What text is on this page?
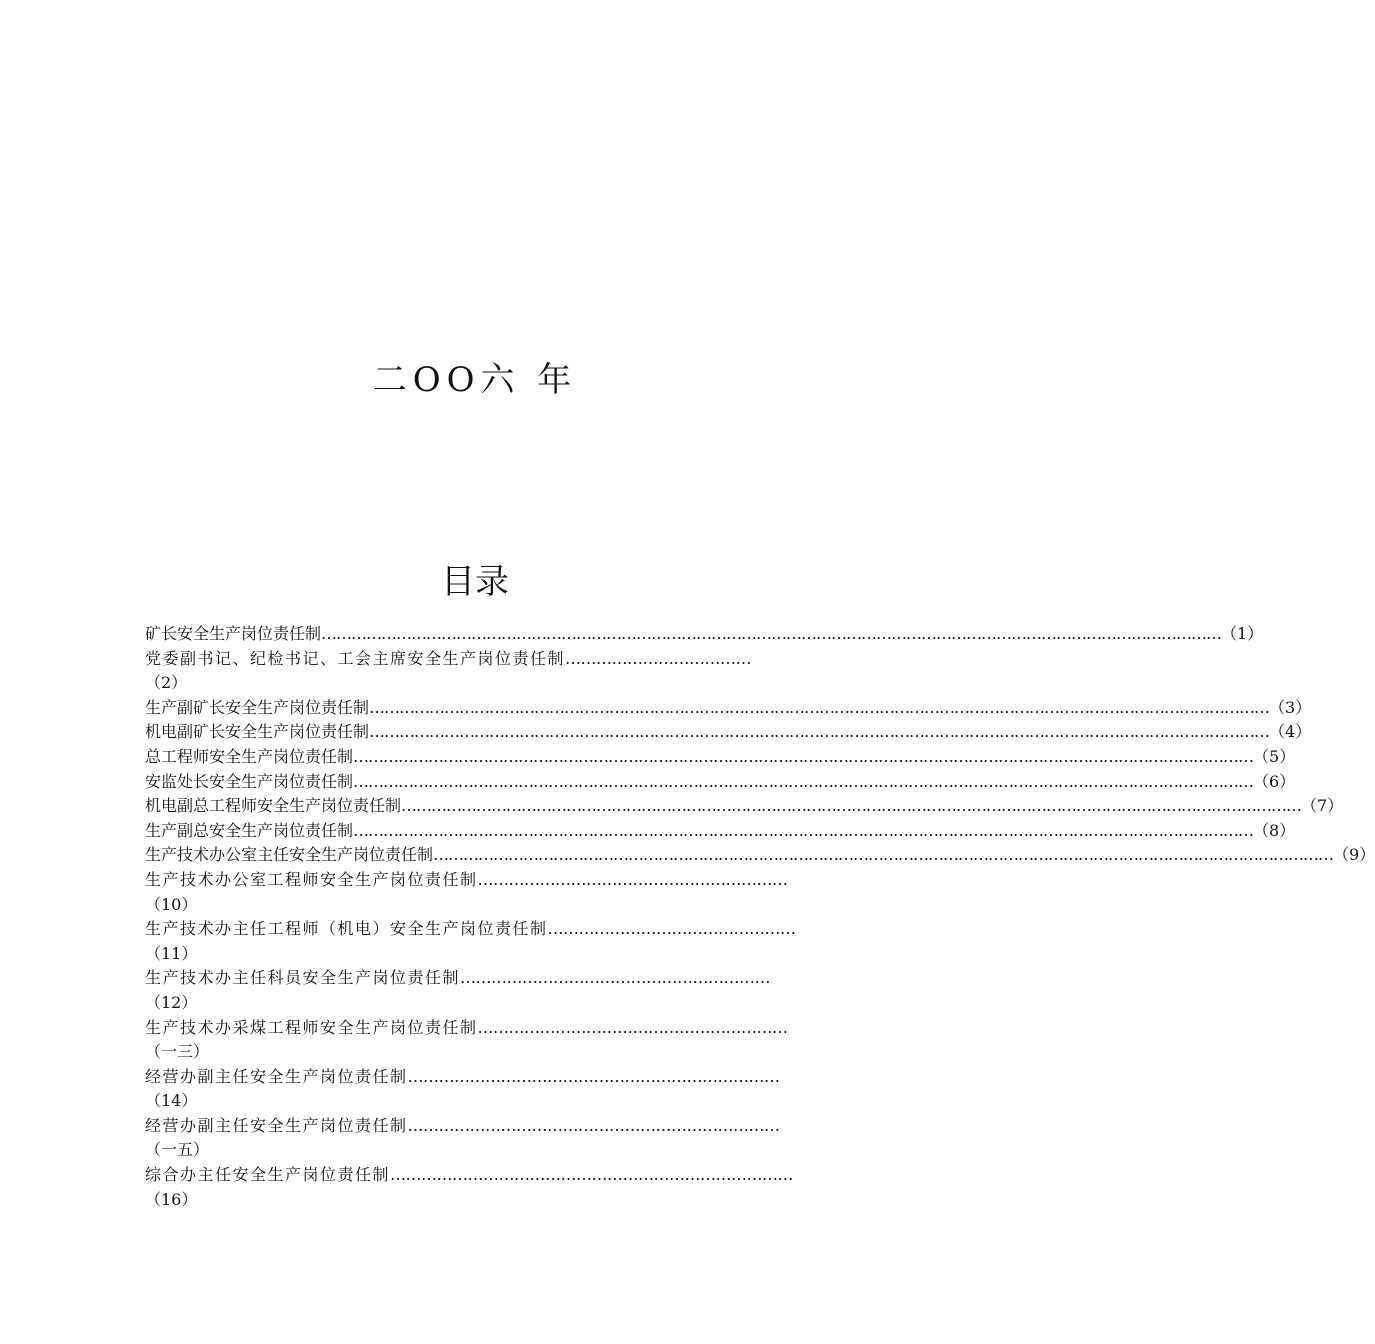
二OO六 年
目录
矿长安全生产岗位责任制 ……………………………………………………………………………………………………………………………………………………………… （1）
党委副书记、纪检书记、工会主席安全生产岗位责任制………………………………
（2）
生产副矿长安全生产岗位责任制 ……………………………………………………………………………………………………………………………………………………………… （3）
机电副矿长安全生产岗位责任制 ……………………………………………………………………………………………………………………………………………………………… （4）
总工程师安全生产岗位责任制 ……………………………………………………………………………………………………………………………………………………………… （5）
安监处长安全生产岗位责任制 ……………………………………………………………………………………………………………………………………………………………… （6）
机电副总工程师安全生产岗位责任制 ……………………………………………………………………………………………………………………………………………………………… （7）
生产副总安全生产岗位责任制 ……………………………………………………………………………………………………………………………………………………………… （8）
生产技术办公室主任安全生产岗位责任制 ……………………………………………………………………………………………………………………………………………………………… （9）
生产技术办公室工程师安全生产岗位责任制……………………………………………………
（10）
生产技术办主任工程师（机电）安全生产岗位责任制…………………………………………
（11）
生产技术办主任科员安全生产岗位责任制……………………………………………………
（12）
生产技术办采煤工程师安全生产岗位责任制……………………………………………………
（一三）
经营办副主任安全生产岗位责任制………………………………………………………………
（14）
经营办副主任安全生产岗位责任制………………………………………………………………
（一五）
综合办主任安全生产岗位责任制……………………………………………………………………
（16）
